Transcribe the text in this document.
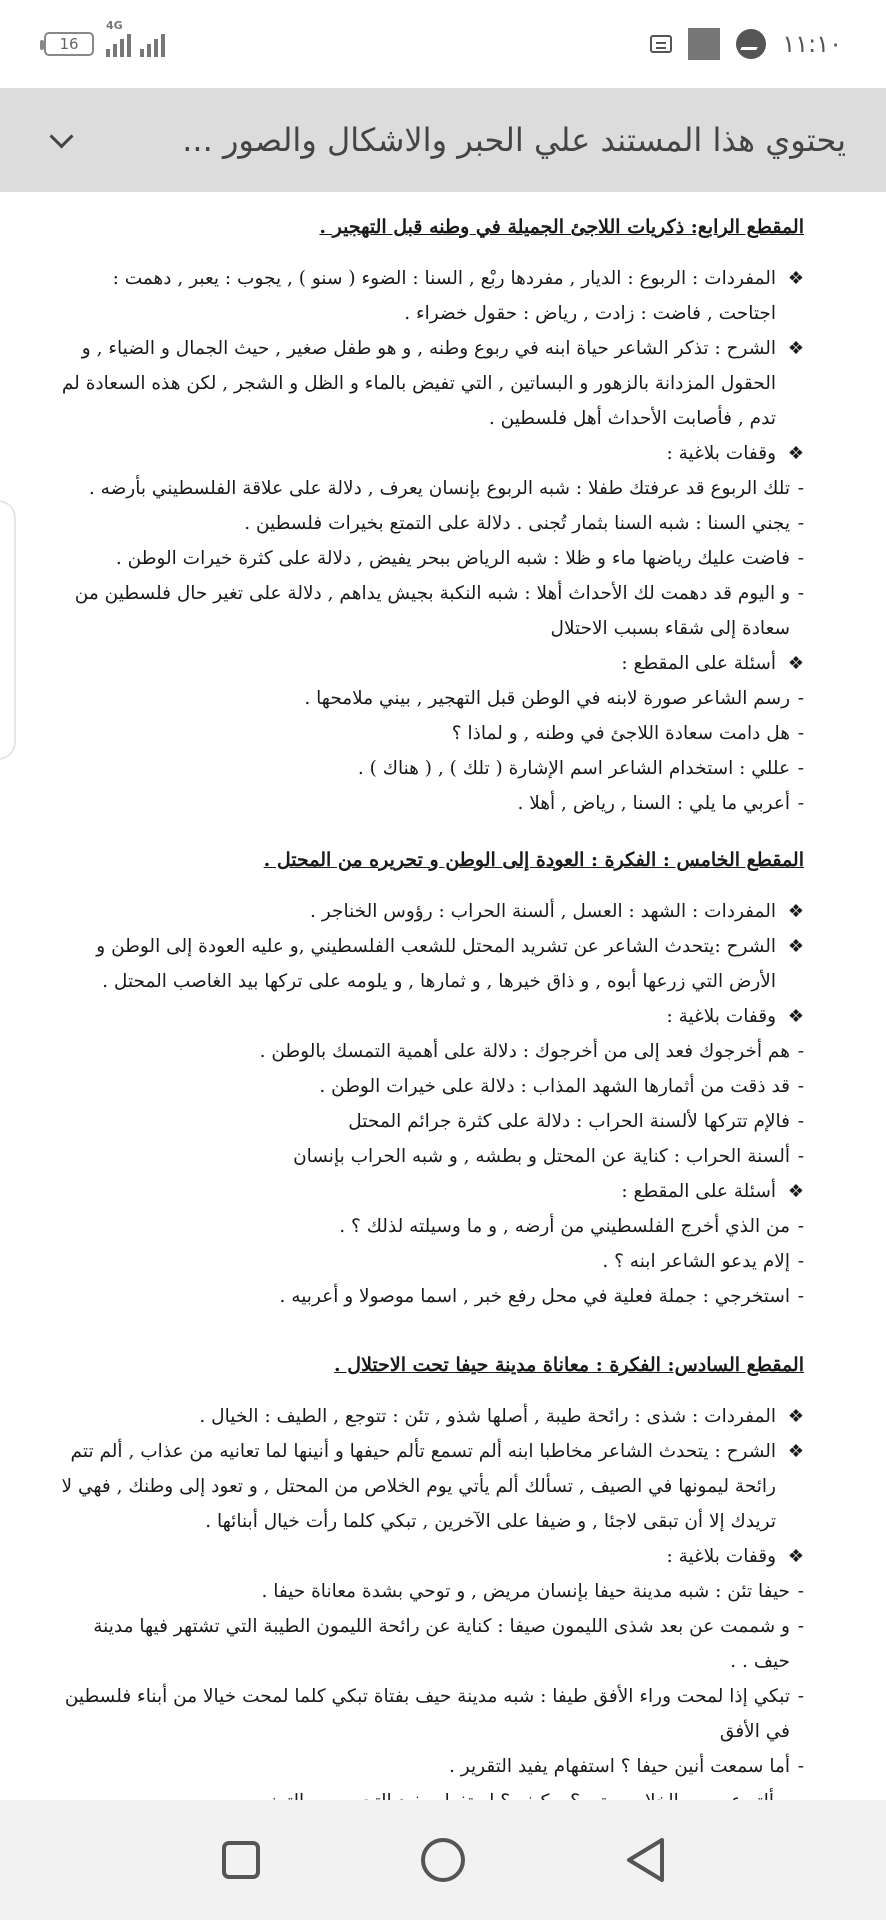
16
4G
١١:١٠
يحتوي هذا المستند علي الحبر والاشكال والصور ...
المقطع الرابع: ذكريات اللاجئ الجميلة في وطنه قبل التهجير .
❖ المفردات : الربوع : الديار , مفردها ربْع , السنا : الضوء ( سنو ) , يجوب : يعبر , دهمت : اجتاحت , فاضت : زادت , رياض : حقول خضراء .
❖ الشرح : تذكر الشاعر حياة ابنه في ربوع وطنه , و هو طفل صغير , حيث الجمال و الضياء , و الحقول المزدانة بالزهور و البساتين , التي تفيض بالماء و الظل و الشجر , لكن هذه السعادة لم تدم , فأصابت الأحداث أهل فلسطين .
❖ وقفات بلاغية :
- تلك الربوع قد عرفتك طفلا : شبه الربوع بإنسان يعرف , دلالة على علاقة الفلسطيني بأرضه .
- يجني السنا : شبه السنا بثمار تُجنى . دلالة على التمتع بخيرات فلسطين .
- فاضت عليك رياضها ماء و ظلا : شبه الرياض ببحر يفيض , دلالة على كثرة خيرات الوطن .
- و اليوم قد دهمت لك الأحداث أهلا : شبه النكبة بجيش يداهم , دلالة على تغير حال فلسطين من سعادة إلى شقاء بسبب الاحتلال
❖ أسئلة على المقطع :
- رسم الشاعر صورة لابنه في الوطن قبل التهجير , بيني ملامحها .
- هل دامت سعادة اللاجئ في وطنه , و لماذا ؟
- عللي : استخدام الشاعر اسم الإشارة ( تلك ) , ( هناك ) .
- أعربي ما يلي : السنا , رياض , أهلا .
المقطع الخامس : الفكرة : العودة إلى الوطن و تحريره من المحتل .
❖ المفردات : الشهد : العسل , ألسنة الحراب : رؤوس الخناجر .
❖ الشرح :يتحدث الشاعر عن تشريد المحتل للشعب الفلسطيني ,و عليه العودة إلى الوطن و الأرض التي زرعها أبوه , و ذاق خيرها , و ثمارها , و يلومه على تركها بيد الغاصب المحتل .
❖ وقفات بلاغية :
- هم أخرجوك فعد إلى من أخرجوك : دلالة على أهمية التمسك بالوطن .
- قد ذقت من أثمارها الشهد المذاب : دلالة على خيرات الوطن .
- فالإم تتركها لألسنة الحراب : دلالة على كثرة جرائم المحتل
- ألسنة الحراب : كناية عن المحتل و بطشه , و شبه الحراب بإنسان
❖ أسئلة على المقطع :
- من الذي أخرج الفلسطيني من أرضه , و ما وسيلته لذلك ؟ .
- إلام يدعو الشاعر ابنه ؟ .
- استخرجي : جملة فعلية في محل رفع خبر , اسما موصولا و أعربيه .
المقطع السادس: الفكرة : معاناة مدينة حيفا تحت الاحتلال .
❖ المفردات : شذى : رائحة طيبة , أصلها شذو , تئن : تتوجع , الطيف : الخيال .
❖ الشرح : يتحدث الشاعر مخاطبا ابنه ألم تسمع تألم حيفها و أنينها لما تعانيه من عذاب , ألم تتم رائحة ليمونها في الصيف , تسألك ألم يأتي يوم الخلاص من المحتل , و تعود إلى وطنك , فهي لا تريدك إلا أن تبقى لاجئا , و ضيفا على الآخرين , تبكي كلما رأت خيال أبنائها .
❖ وقفات بلاغية :
- حيفا تئن : شبه مدينة حيفا بإنسان مريض , و توحي بشدة معاناة حيفا .
- و شممت عن بعد شذى الليمون صيفا : كناية عن رائحة الليمون الطيبة التي تشتهر فيها مدينة حيف . .
- تبكي إذا لمحت وراء الأفق طيفا : شبه مدينة حيف بفتاة تبكي كلما لمحت خيالا من أبناء فلسطين في الأفق
- أما سمعت أنين حيفا ؟ استفهام يفيد التقرير .
-
-
